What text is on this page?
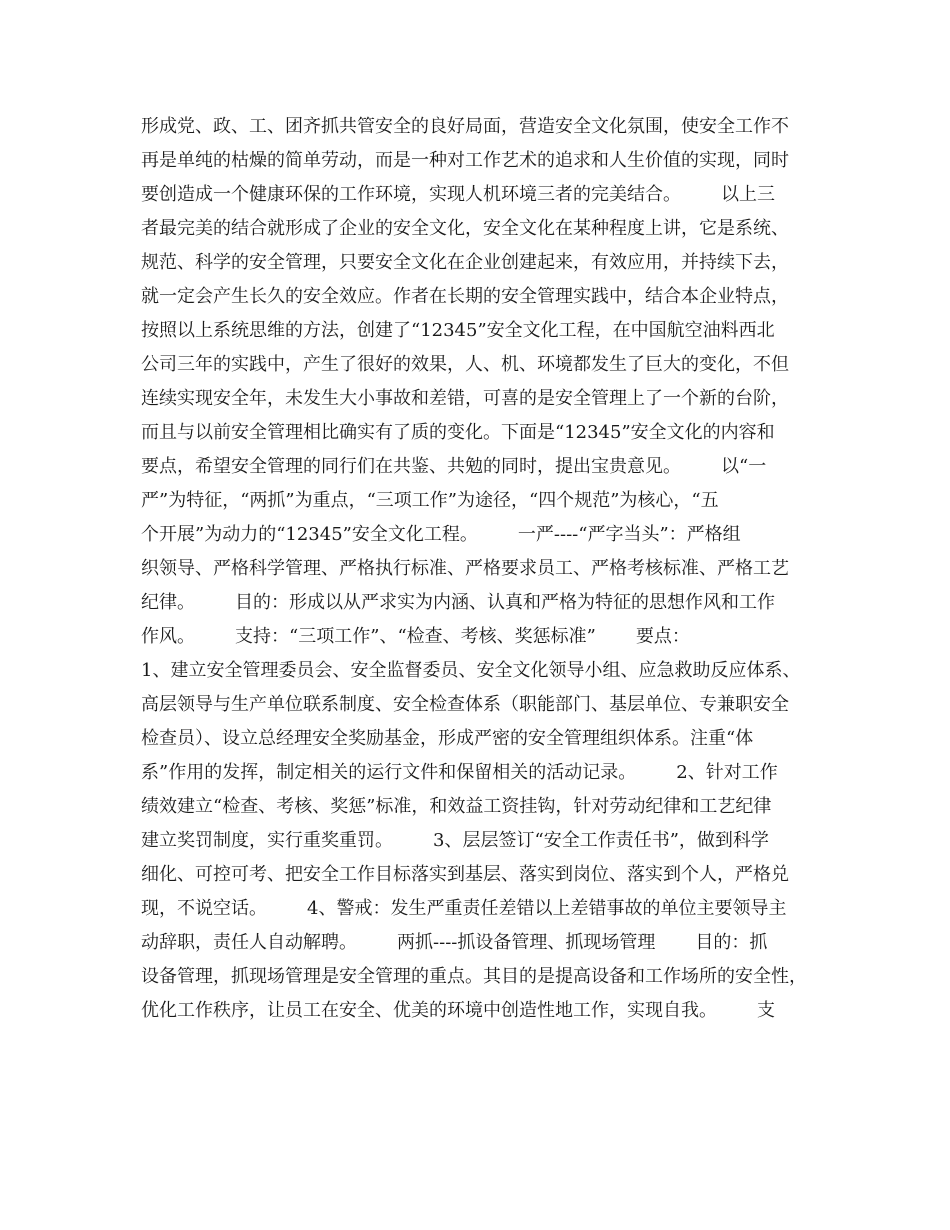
形成党、政、工、团齐抓共管安全的良好局面，营造安全文化氛围，使安全工作不
再是单纯的枯燥的简单劳动，而是一种对工作艺术的追求和人生价值的实现，同时
要创造成一个健康环保的工作环境，实现人机环境三者的完美结合。       以上三
者最完美的结合就形成了企业的安全文化，安全文化在某种程度上讲，它是系统、
规范、科学的安全管理，只要安全文化在企业创建起来，有效应用，并持续下去，
就一定会产生长久的安全效应。作者在长期的安全管理实践中，结合本企业特点，
按照以上系统思维的方法，创建了“12345”安全文化工程，在中国航空油料西北
公司三年的实践中，产生了很好的效果，人、机、环境都发生了巨大的变化，不但
连续实现安全年，未发生大小事故和差错，可喜的是安全管理上了一个新的台阶，
而且与以前安全管理相比确实有了质的变化。下面是“12345”安全文化的内容和
要点，希望安全管理的同行们在共鉴、共勉的同时，提出宝贵意见。       以“一
严”为特征，“两抓”为重点，“三项工作”为途径，“四个规范”为核心，“五
个开展”为动力的“12345”安全文化工程。       一严----“严字当头”：严格组
织领导、严格科学管理、严格执行标准、严格要求员工、严格考核标准、严格工艺
纪律。       目的：形成以从严求实为内涵、认真和严格为特征的思想作风和工作
作风。       支持：“三项工作”、“检查、考核、奖惩标准”       要点：
1、建立安全管理委员会、安全监督委员、安全文化领导小组、应急救助反应体系、
高层领导与生产单位联系制度、安全检查体系（职能部门、基层单位、专兼职安全
检查员）、设立总经理安全奖励基金，形成严密的安全管理组织体系。注重“体
系”作用的发挥，制定相关的运行文件和保留相关的活动记录。       2、针对工作
绩效建立“检查、考核、奖惩”标准，和效益工资挂钩，针对劳动纪律和工艺纪律
建立奖罚制度，实行重奖重罚。       3、层层签订“安全工作责任书”，做到科学
细化、可控可考、把安全工作目标落实到基层、落实到岗位、落实到个人，严格兑
现，不说空话。       4、警戒：发生严重责任差错以上差错事故的单位主要领导主
动辞职，责任人自动解聘。       两抓----抓设备管理、抓现场管理       目的：抓
设备管理，抓现场管理是安全管理的重点。其目的是提高设备和工作场所的安全性，
优化工作秩序，让员工在安全、优美的环境中创造性地工作，实现自我。       支
